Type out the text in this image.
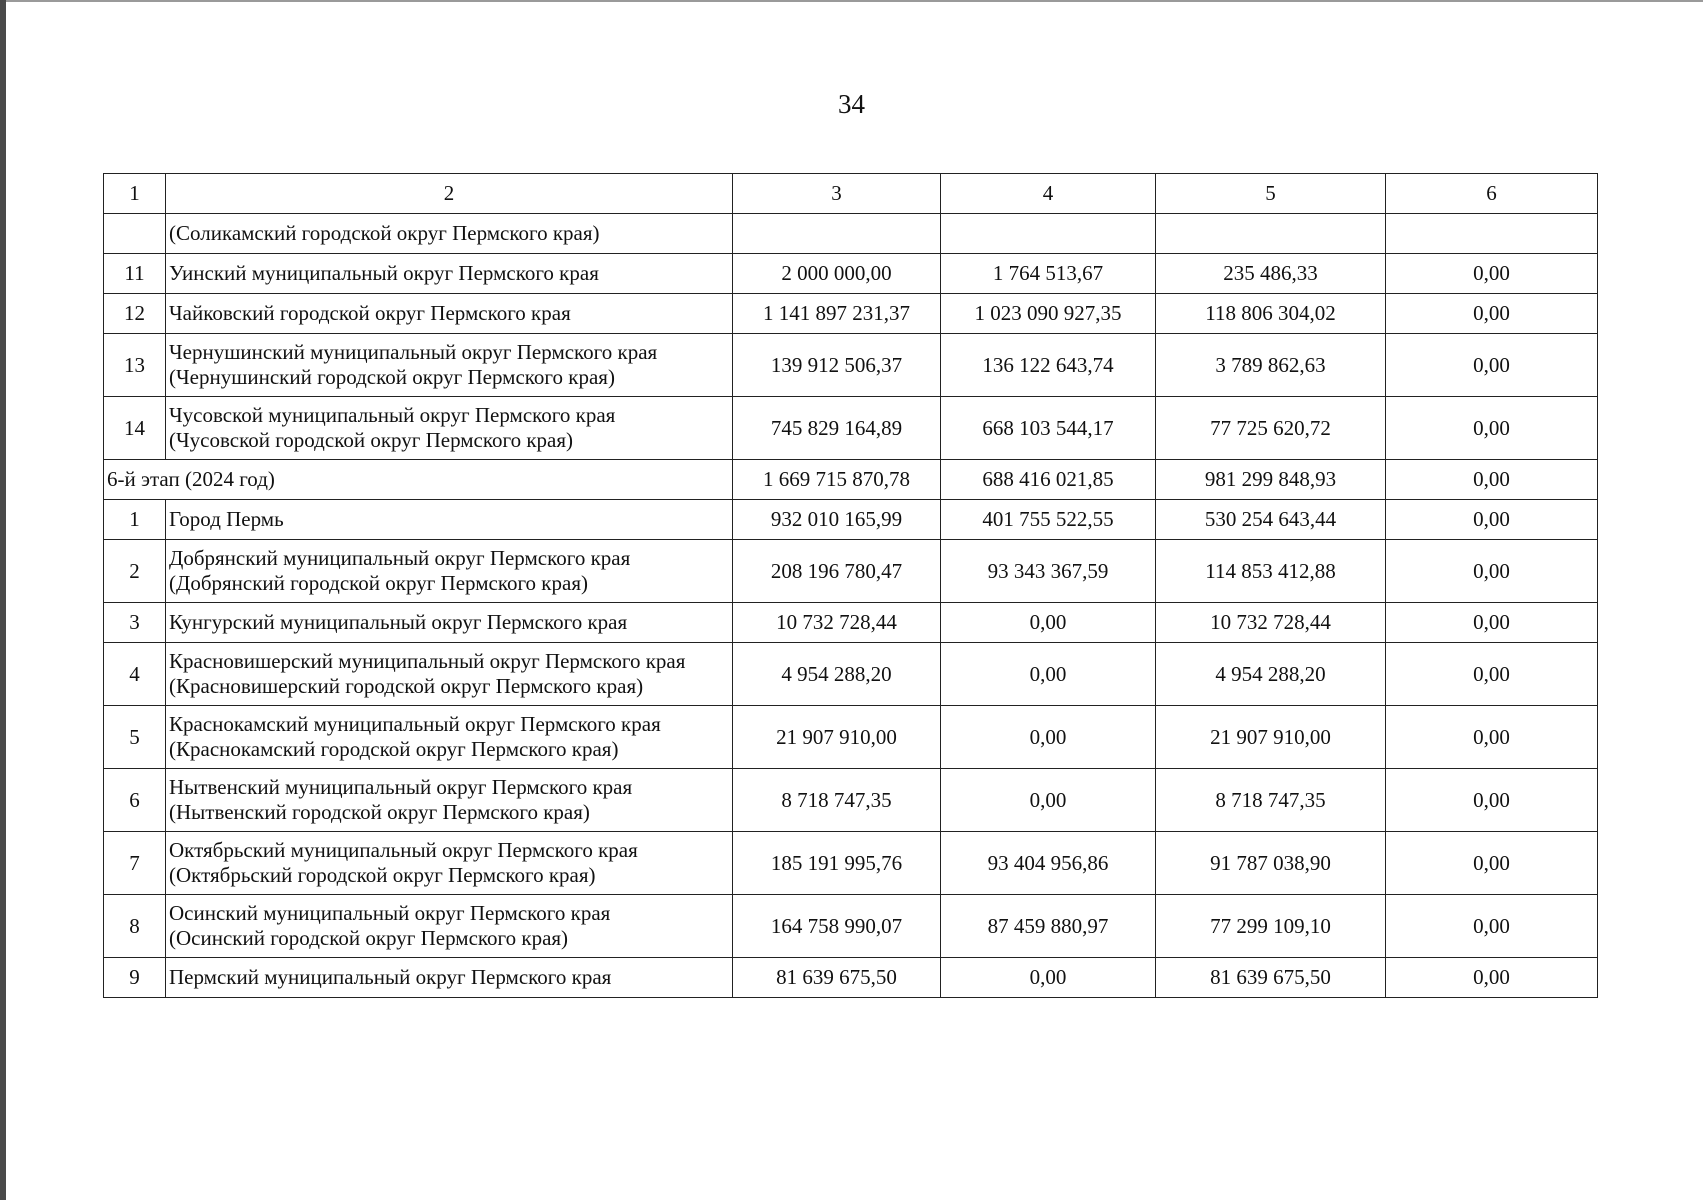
34
1	2	3	4	5	6

	(Соликамский городской округ Пермского края)				

11	Уинский муниципальный округ Пермского края	2 000 000,00	1 764 513,67	235 486,33	0,00
12	Чайковский городской округ Пермского края	1 141 897 231,37	1 023 090 927,35	118 806 304,02	0,00
13	Чернушинский муниципальный округ Пермского края
(Чернушинский городской округ Пермского края)	139 912 506,37	136 122 643,74	3 789 862,63	0,00
14	Чусовской муниципальный округ Пермского края
(Чусовской городской округ Пермского края)	745 829 164,89	668 103 544,17	77 725 620,72	0,00
6-й этап (2024 год)		1 669 715 870,78	688 416 021,85	981 299 848,93	0,00
1	Город Пермь	932 010 165,99	401 755 522,55	530 254 643,44	0,00
2	Добрянский муниципальный округ Пермского края
(Добрянский городской округ Пермского края)	208 196 780,47	93 343 367,59	114 853 412,88	0,00
3	Кунгурский муниципальный округ Пермского края	10 732 728,44	0,00	10 732 728,44	0,00
4	Красновишерский муниципальный округ Пермского края
(Красновишерский городской округ Пермского края)	4 954 288,20	0,00	4 954 288,20	0,00
5	Краснокамский муниципальный округ Пермского края
(Краснокамский городской округ Пермского края)	21 907 910,00	0,00	21 907 910,00	0,00
6	Нытвенский муниципальный округ Пермского края
(Нытвенский городской округ Пермского края)	8 718 747,35	0,00	8 718 747,35	0,00
7	Октябрьский муниципальный округ Пермского края
(Октябрьский городской округ Пермского края)	185 191 995,76	93 404 956,86	91 787 038,90	0,00
8	Осинский муниципальный округ Пермского края
(Осинский городской округ Пермского края)	164 758 990,07	87 459 880,97	77 299 109,10	0,00
9	Пермский муниципальный округ Пермского края	81 639 675,50	0,00	81 639 675,50	0,00
